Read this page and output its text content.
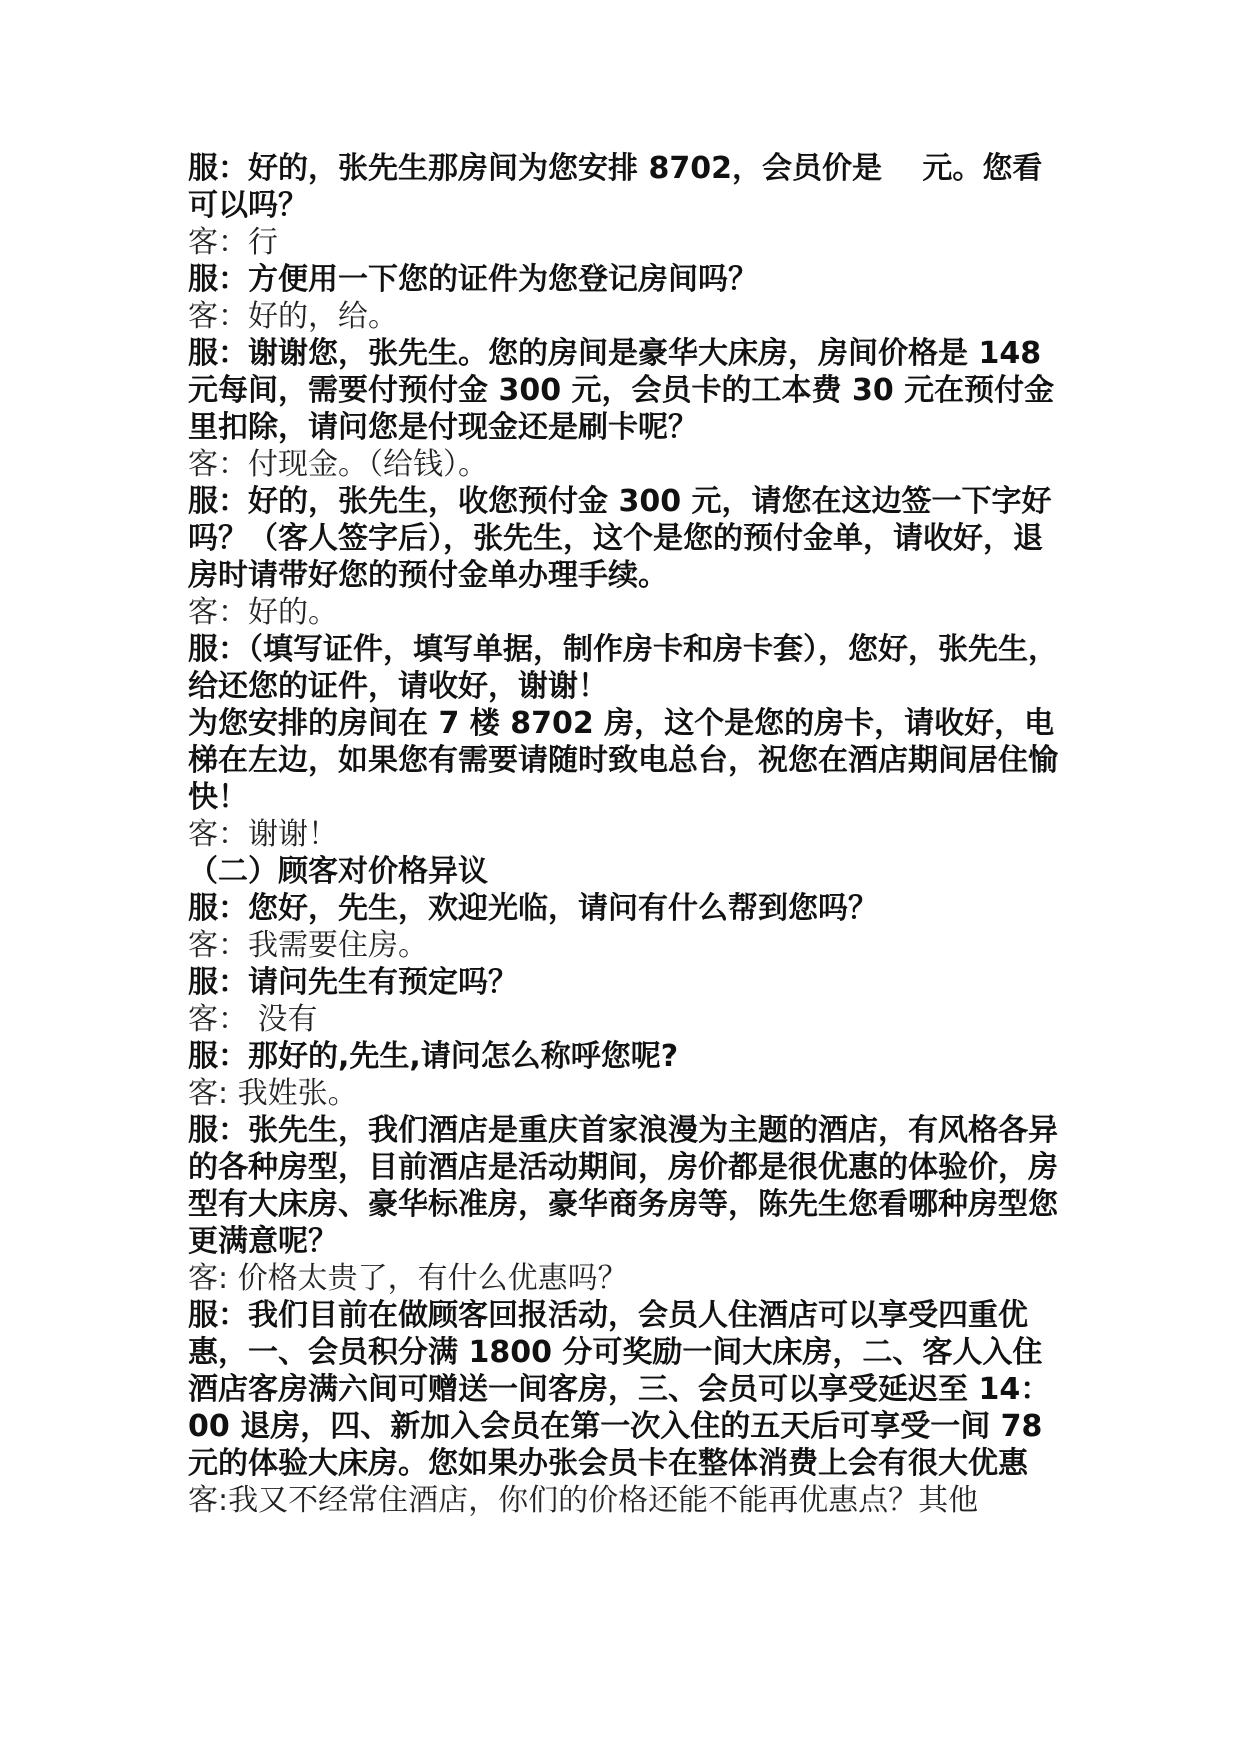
服：好的，张先生那房间为您安排 8702，会员价是　 元。您看可以吗？

客：行

服：方便用一下您的证件为您登记房间吗？

客：好的，给。

服：谢谢您，张先生。您的房间是豪华大床房，房间价格是 148 元每间，需要付预付金 300 元，会员卡的工本费 30 元在预付金里扣除，请问您是付现金还是刷卡呢？

客：付现金。（给钱）。

服：好的，张先生，收您预付金 300 元，请您在这边签一下字好吗？（客人签字后），张先生，这个是您的预付金单，请收好，退房时请带好您的预付金单办理手续。

客：好的。

服：（填写证件，填写单据，制作房卡和房卡套），您好，张先生，给还您的证件，请收好，谢谢！

为您安排的房间在 7 楼 8702 房，这个是您的房卡，请收好，电梯在左边，如果您有需要请随时致电总台，祝您在酒店期间居住愉快！

客：谢谢！

（二）顾客对价格异议

服：您好，先生，欢迎光临，请问有什么帮到您吗？

客：我需要住房。

服：请问先生有预定吗？

客： 没有

服：那好的,先生,请问怎么称呼您呢?

客: 我姓张。

服：张先生，我们酒店是重庆首家浪漫为主题的酒店，有风格各异的各种房型，目前酒店是活动期间，房价都是很优惠的体验价，房型有大床房、豪华标准房，豪华商务房等，陈先生您看哪种房型您更满意呢？

客: 价格太贵了，有什么优惠吗？

服：我们目前在做顾客回报活动，会员人住酒店可以享受四重优惠，一、会员积分满 1800 分可奖励一间大床房，二、客人入住酒店客房满六间可赠送一间客房，三、会员可以享受延迟至 14：00 退房，四、新加入会员在第一次入住的五天后可享受一间 78 元的体验大床房。您如果办张会员卡在整体消费上会有很大优惠

客:我又不经常住酒店，你们的价格还能不能再优惠点？其他
